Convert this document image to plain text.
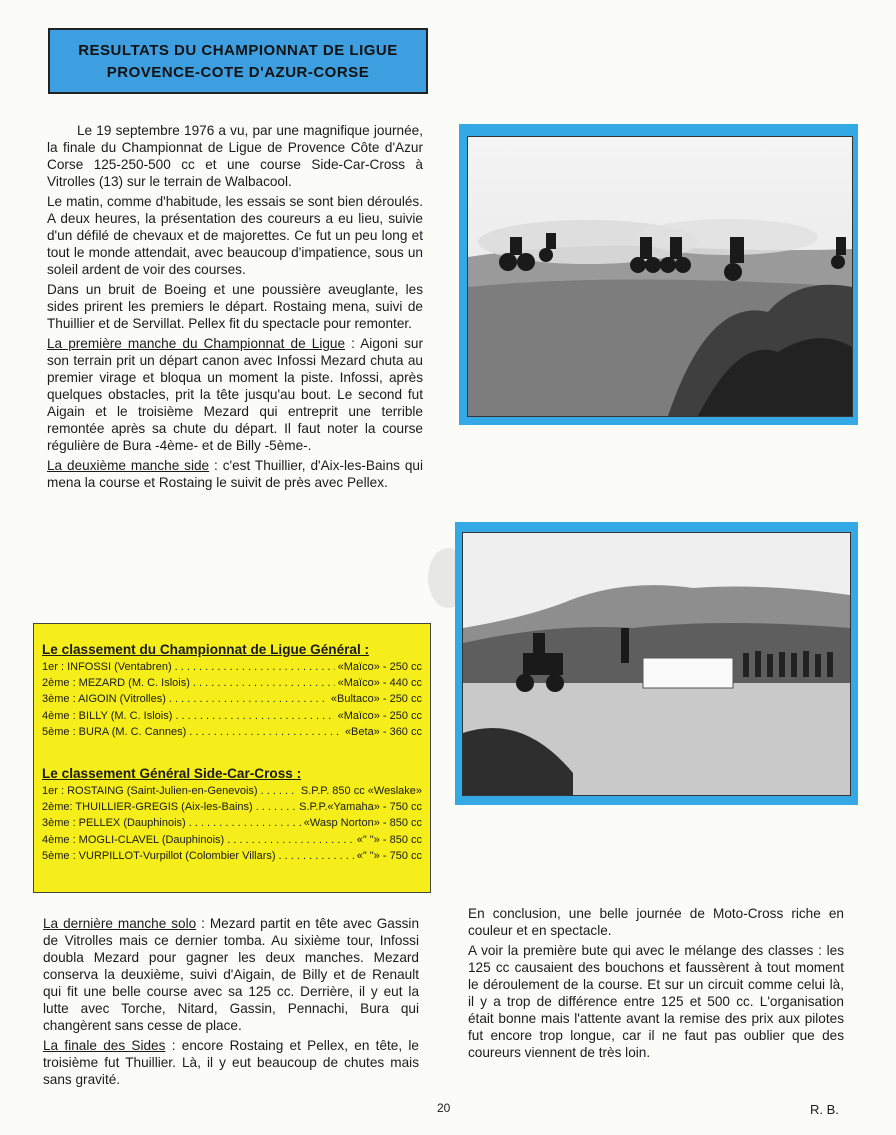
RESULTATS DU CHAMPIONNAT DE LIGUE
PROVENCE-COTE D'AZUR-CORSE

Le 19 septembre 1976 a vu, par une magnifique journée, la finale du Championnat de Ligue de Provence Côte d'Azur Corse 125-250-500 cc et une course Side-Car-Cross à Vitrolles (13) sur le terrain de Walbacool.

Le matin, comme d'habitude, les essais se sont bien déroulés. A deux heures, la présentation des coureurs a eu lieu, suivie d'un défilé de chevaux et de majorettes. Ce fut un peu long et tout le monde attendait, avec beaucoup d'impatience, sous un soleil ardent de voir des courses.

Dans un bruit de Boeing et une poussière aveuglante, les sides prirent les premiers le départ. Rostaing mena, suivi de Thuillier et de Servillat. Pellex fit du spectacle pour remonter.

La première manche du Championnat de Ligue : Aigoni sur son terrain prit un départ canon avec Infossi Mezard chuta au premier virage et bloqua un moment la piste. Infossi, après quelques obstacles, prit la tête jusqu'au bout. Le second fut Aigain et le troisième Mezard qui entreprit une terrible remontée après sa chute du départ. Il faut noter la course régulière de Bura -4ème- et de Billy -5ème-.

La deuxième manche side : c'est Thuillier, d'Aix-les-Bains qui mena la course et Rostaing le suivit de près avec Pellex.

Le classement du Championnat de Ligue Général :
1er : INFOSSI (Ventabren) . . .	«Maïco» - 250 cc
2ème : MEZARD (M. C. Islois) . . .	«Maïco» - 440 cc
3ème : AIGOIN (Vitrolles) . . .	«Bultaco» - 250 cc
4ème : BILLY (M. C. Islois) . . .	«Maïco» - 250 cc
5ème : BURA (M. C. Cannes) . . .	«Beta» - 360 cc
Le classement Général Side-Car-Cross :
1er : ROSTAING (Saint-Julien-en-Genevois) . . .	S.P.P. 850 cc «Weslake»
2ème: THUILLIER-GREGIS (Aix-les-Bains) . . .	S.P.P.«Yamaha» - 750 cc
3ème : PELLEX (Dauphinois) . . .	«Wasp Norton» - 850 cc
4ème : MOGLI-CLAVEL (Dauphinois) . . .	«" "» - 850 cc
5ème : VURPILLOT-Vurpillot (Colombier Villars) . . .	«" "» - 750 cc

La dernière manche solo : Mezard partit en tête avec Gassin de Vitrolles mais ce dernier tomba. Au sixième tour, Infossi doubla Mezard pour gagner les deux manches. Mezard conserva la deuxième, suivi d'Aigain, de Billy et de Renault qui fit une belle course avec sa 125 cc. Derrière, il y eut la lutte avec Torche, Nitard, Gassin, Pennachi, Bura qui changèrent sans cesse de place.

La finale des Sides : encore Rostaing et Pellex, en tête, le troisième fut Thuillier. Là, il y eut beaucoup de chutes mais sans gravité.

En conclusion, une belle journée de Moto-Cross riche en couleur et en spectacle.

A voir la première bute qui avec le mélange des classes : les 125 cc causaient des bouchons et faussèrent à tout moment le déroulement de la course. Et sur un circuit comme celui là, il y a trop de différence entre 125 et 500 cc. L'organisation était bonne mais l'attente avant la remise des prix aux pilotes fut encore trop longue, car il ne faut pas oublier que des coureurs viennent de très loin.

20	R. B.
